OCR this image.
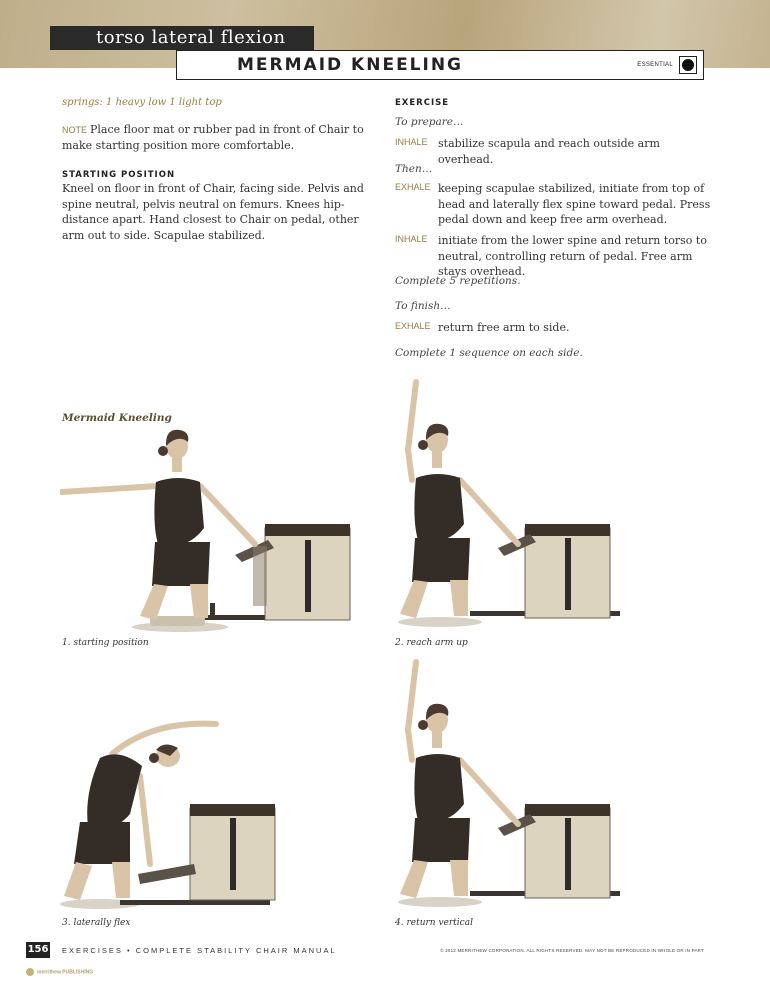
torso lateral flexion
MERMAID KNEELING	ESSENTIAL
springs: 1 heavy low 1 light top
NOTE Place floor mat or rubber pad in front of Chair to make starting position more comfortable.
STARTING POSITION
Kneel on floor in front of Chair, facing side. Pelvis and spine neutral, pelvis neutral on femurs. Knees hip-distance apart. Hand closest to Chair on pedal, other arm out to side. Scapulae stabilized.
EXERCISE
To prepare…
INHALE stabilize scapula and reach outside arm overhead.
Then…
EXHALE keeping scapulae stabilized, initiate from top of head and laterally flex spine toward pedal. Press pedal down and keep free arm overhead.
INHALE initiate from the lower spine and return torso to neutral, controlling return of pedal. Free arm stays overhead.
Complete 5 repetitions.
To finish…
EXHALE return free arm to side.
Complete 1 sequence on each side.
Mermaid Kneeling
1. starting position	2. reach arm up
3. laterally flex	4. return vertical
156 EXERCISES • COMPLETE STABILITY CHAIR MANUAL	© 2012 MERRITHEW CORPORATION. ALL RIGHTS RESERVED. MAY NOT BE REPRODUCED IN WHOLE OR IN PART
merrithew PUBLISHING
